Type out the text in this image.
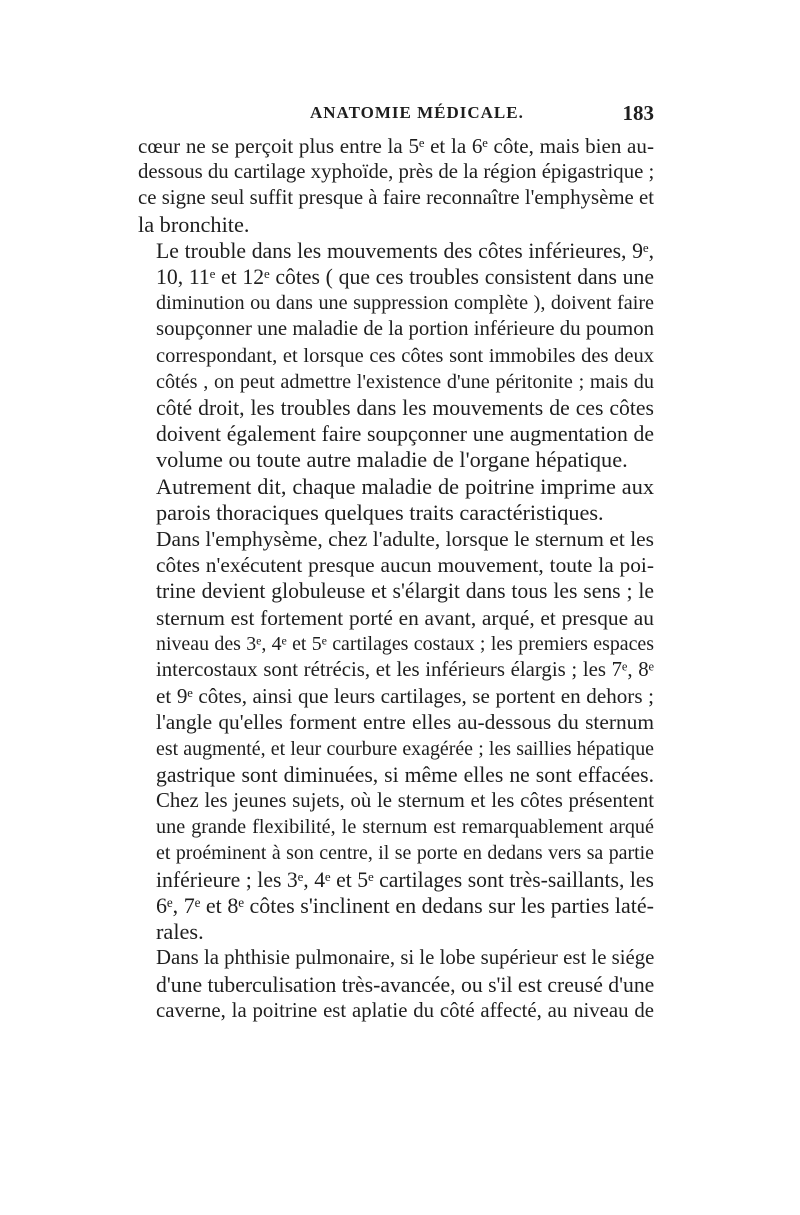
ANATOMIE MÉDICALE.	183
cœur ne se perçoit plus entre la 5ᵉ et la 6ᵉ côte, mais bien au-
dessous du cartilage xyphoïde, près de la région épigastrique ;
ce signe seul suffit presque à faire reconnaître l'emphysème et
la bronchite.
Le trouble dans les mouvements des côtes inférieures, 9ᵉ,
10, 11ᵉ et 12ᵉ côtes ( que ces troubles consistent dans une
diminution ou dans une suppression complète ), doivent faire
soupçonner une maladie de la portion inférieure du poumon
correspondant, et lorsque ces côtes sont immobiles des deux
côtés , on peut admettre l'existence d'une péritonite ; mais du
côté droit, les troubles dans les mouvements de ces côtes
doivent également faire soupçonner une augmentation de
volume ou toute autre maladie de l'organe hépatique.
Autrement dit, chaque maladie de poitrine imprime aux
parois thoraciques quelques traits caractéristiques.
Dans l'emphysème, chez l'adulte, lorsque le sternum et les
côtes n'exécutent presque aucun mouvement, toute la poi-
trine devient globuleuse et s'élargit dans tous les sens ; le
sternum est fortement porté en avant, arqué, et presque au
niveau des 3ᵉ, 4ᵉ et 5ᵉ cartilages costaux ; les premiers espaces
intercostaux sont rétrécis, et les inférieurs élargis ; les 7ᵉ, 8ᵉ
et 9ᵉ côtes, ainsi que leurs cartilages, se portent en dehors ;
l'angle qu'elles forment entre elles au-dessous du sternum
est augmenté, et leur courbure exagérée ; les saillies hépatique
gastrique sont diminuées, si même elles ne sont effacées.
Chez les jeunes sujets, où le sternum et les côtes présentent
une grande flexibilité, le sternum est remarquablement arqué
et proéminent à son centre, il se porte en dedans vers sa partie
inférieure ; les 3ᵉ, 4ᵉ et 5ᵉ cartilages sont très-saillants, les
6ᵉ, 7ᵉ et 8ᵉ côtes s'inclinent en dedans sur les parties laté-
rales.
Dans la phthisie pulmonaire, si le lobe supérieur est le siége
d'une tuberculisation très-avancée, ou s'il est creusé d'une
caverne, la poitrine est aplatie du côté affecté, au niveau de
